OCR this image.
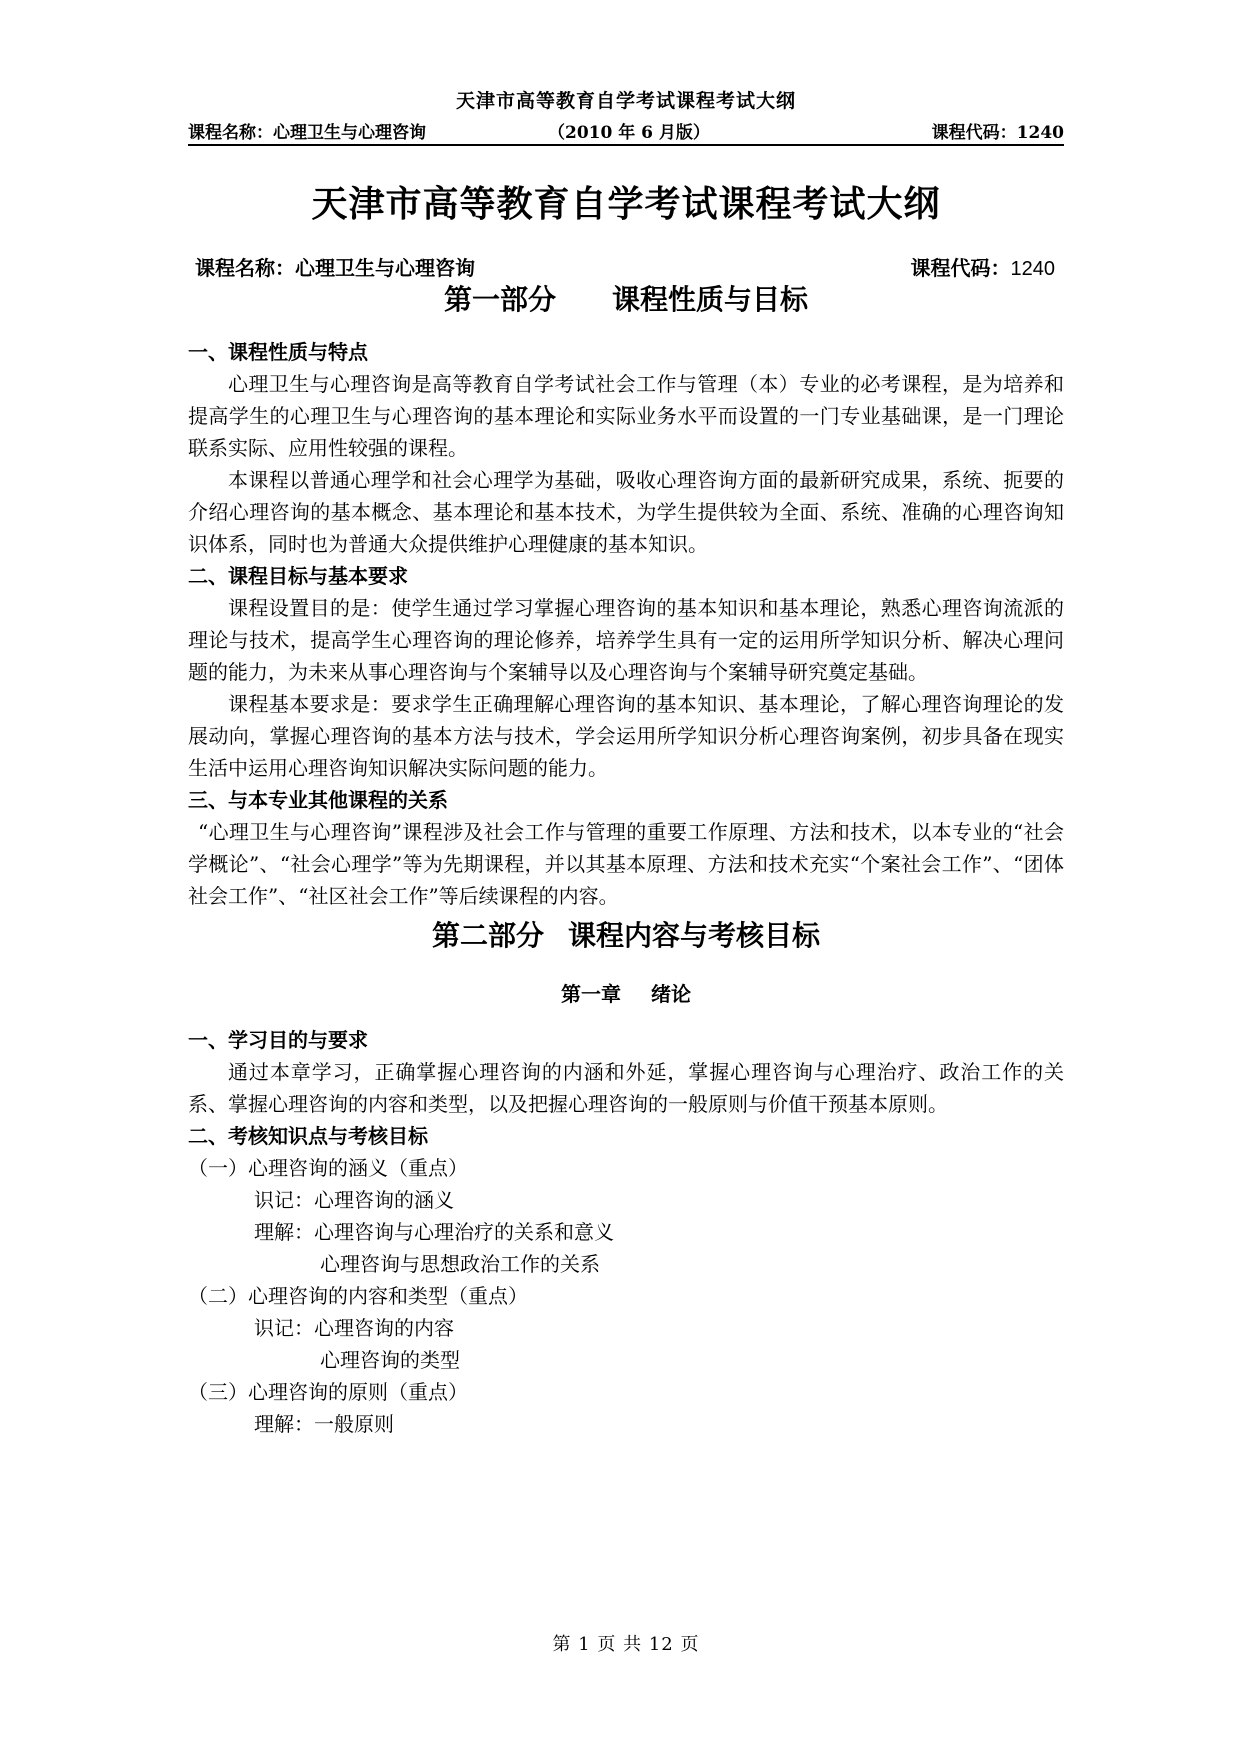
天津市高等教育自学考试课程考试大纲
课程名称：心理卫生与心理咨询	（2010 年 6 月版）	课程代码：1240
天津市高等教育自学考试课程考试大纲
课程名称：心理卫生与心理咨询	课程代码：1240
第一部分 课程性质与目标
一、课程性质与特点
心理卫生与心理咨询是高等教育自学考试社会工作与管理（本）专业的必考课程，是为培养和提高学生的心理卫生与心理咨询的基本理论和实际业务水平而设置的一门专业基础课，是一门理论联系实际、应用性较强的课程。
本课程以普通心理学和社会心理学为基础，吸收心理咨询方面的最新研究成果，系统、扼要的介绍心理咨询的基本概念、基本理论和基本技术，为学生提供较为全面、系统、准确的心理咨询知识体系，同时也为普通大众提供维护心理健康的基本知识。
二、课程目标与基本要求
课程设置目的是：使学生通过学习掌握心理咨询的基本知识和基本理论，熟悉心理咨询流派的理论与技术，提高学生心理咨询的理论修养，培养学生具有一定的运用所学知识分析、解决心理问题的能力，为未来从事心理咨询与个案辅导以及心理咨询与个案辅导研究奠定基础。
课程基本要求是：要求学生正确理解心理咨询的基本知识、基本理论，了解心理咨询理论的发展动向，掌握心理咨询的基本方法与技术，学会运用所学知识分析心理咨询案例，初步具备在现实生活中运用心理咨询知识解决实际问题的能力。
三、与本专业其他课程的关系
“心理卫生与心理咨询”课程涉及社会工作与管理的重要工作原理、方法和技术，以本专业的“社会学概论”、“社会心理学”等为先期课程，并以其基本原理、方法和技术充实“个案社会工作”、“团体社会工作”、“社区社会工作”等后续课程的内容。
第二部分 课程内容与考核目标
第一章 绪论
一、学习目的与要求
通过本章学习，正确掌握心理咨询的内涵和外延，掌握心理咨询与心理治疗、政治工作的关系、掌握心理咨询的内容和类型，以及把握心理咨询的一般原则与价值干预基本原则。
二、考核知识点与考核目标
（一）心理咨询的涵义（重点）
识记：心理咨询的涵义
理解：心理咨询与心理治疗的关系和意义
心理咨询与思想政治工作的关系
（二）心理咨询的内容和类型（重点）
识记：心理咨询的内容
心理咨询的类型
（三）心理咨询的原则（重点）
理解：一般原则
第 1 页 共 12 页
